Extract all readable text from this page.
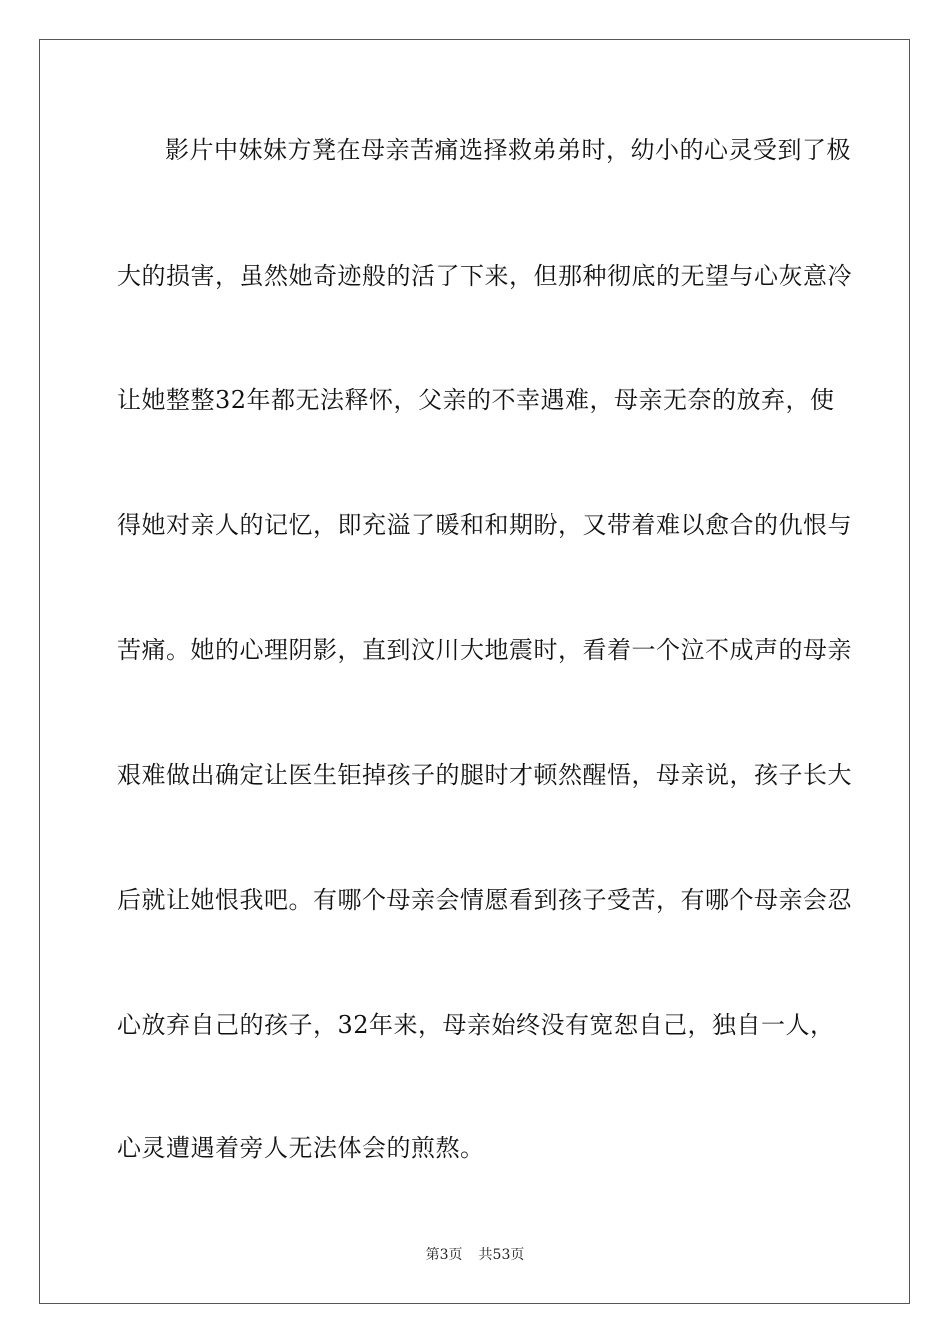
影片中妹妹方凳在母亲苦痛选择救弟弟时，幼小的心灵受到了极
大的损害，虽然她奇迹般的活了下来，但那种彻底的无望与心灰意冷
让她整整32年都无法释怀，父亲的不幸遇难，母亲无奈的放弃，使
得她对亲人的记忆，即充溢了暖和和期盼，又带着难以愈合的仇恨与
苦痛。她的心理阴影，直到汶川大地震时，看着一个泣不成声的母亲
艰难做出确定让医生钜掉孩子的腿时才顿然醒悟，母亲说，孩子长大
后就让她恨我吧。有哪个母亲会情愿看到孩子受苦，有哪个母亲会忍
心放弃自己的孩子，32年来，母亲始终没有宽恕自己，独自一人，
心灵遭遇着旁人无法体会的煎熬。
第3页 共53页
